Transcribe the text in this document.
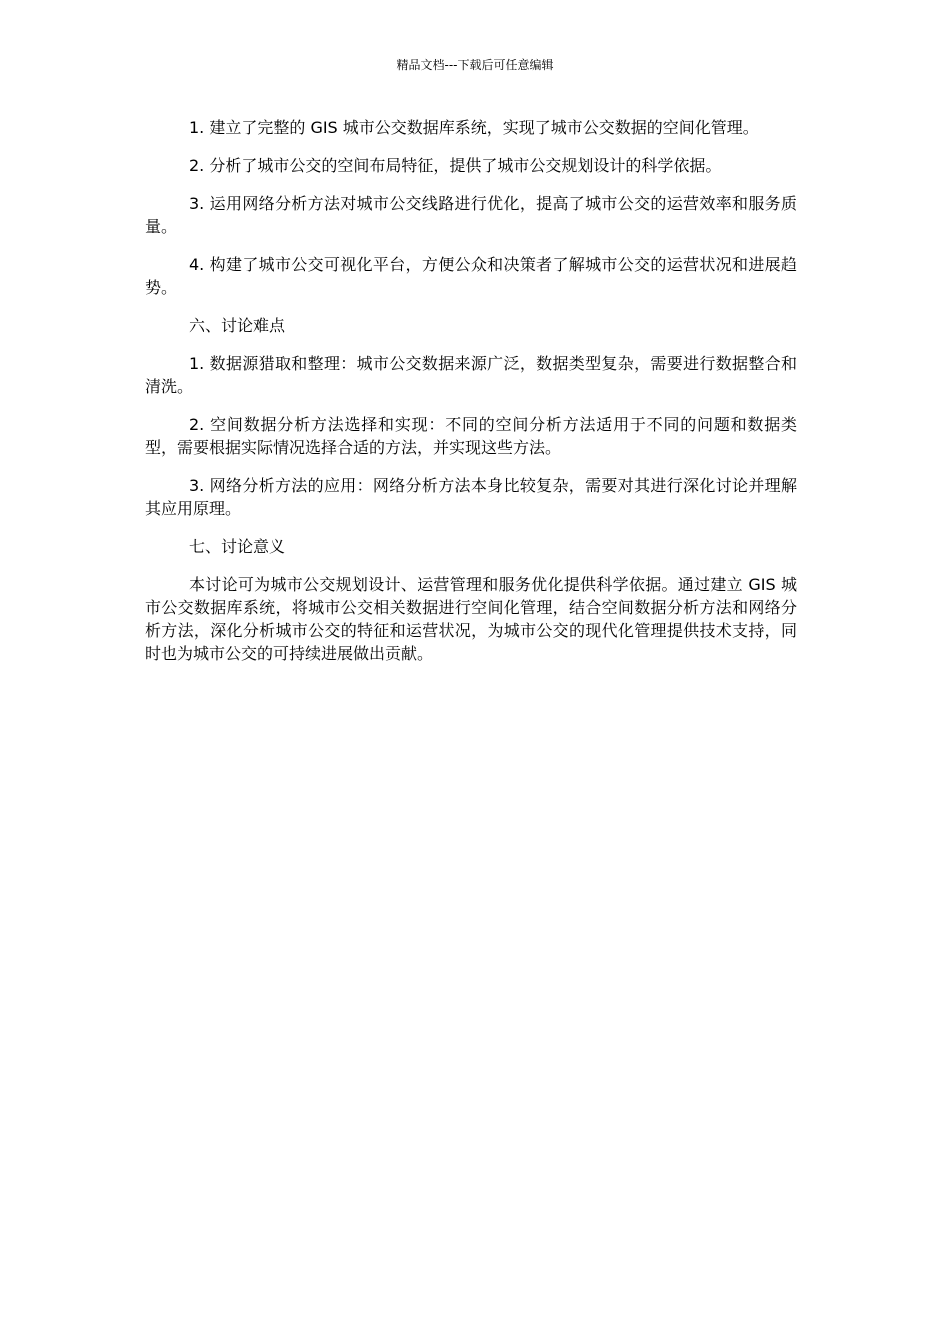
精品文档---下载后可任意编辑

1. 建立了完整的 GIS 城市公交数据库系统，实现了城市公交数据的空间化管理。

2. 分析了城市公交的空间布局特征，提供了城市公交规划设计的科学依据。

3. 运用网络分析方法对城市公交线路进行优化，提高了城市公交的运营效率和服务质量。

4. 构建了城市公交可视化平台，方便公众和决策者了解城市公交的运营状况和进展趋势。

六、讨论难点

1. 数据源猎取和整理：城市公交数据来源广泛，数据类型复杂，需要进行数据整合和清洗。

2. 空间数据分析方法选择和实现：不同的空间分析方法适用于不同的问题和数据类型，需要根据实际情况选择合适的方法，并实现这些方法。

3. 网络分析方法的应用：网络分析方法本身比较复杂，需要对其进行深化讨论并理解其应用原理。

七、讨论意义

本讨论可为城市公交规划设计、运营管理和服务优化提供科学依据。通过建立 GIS 城市公交数据库系统，将城市公交相关数据进行空间化管理，结合空间数据分析方法和网络分析方法，深化分析城市公交的特征和运营状况，为城市公交的现代化管理提供技术支持，同时也为城市公交的可持续进展做出贡献。
